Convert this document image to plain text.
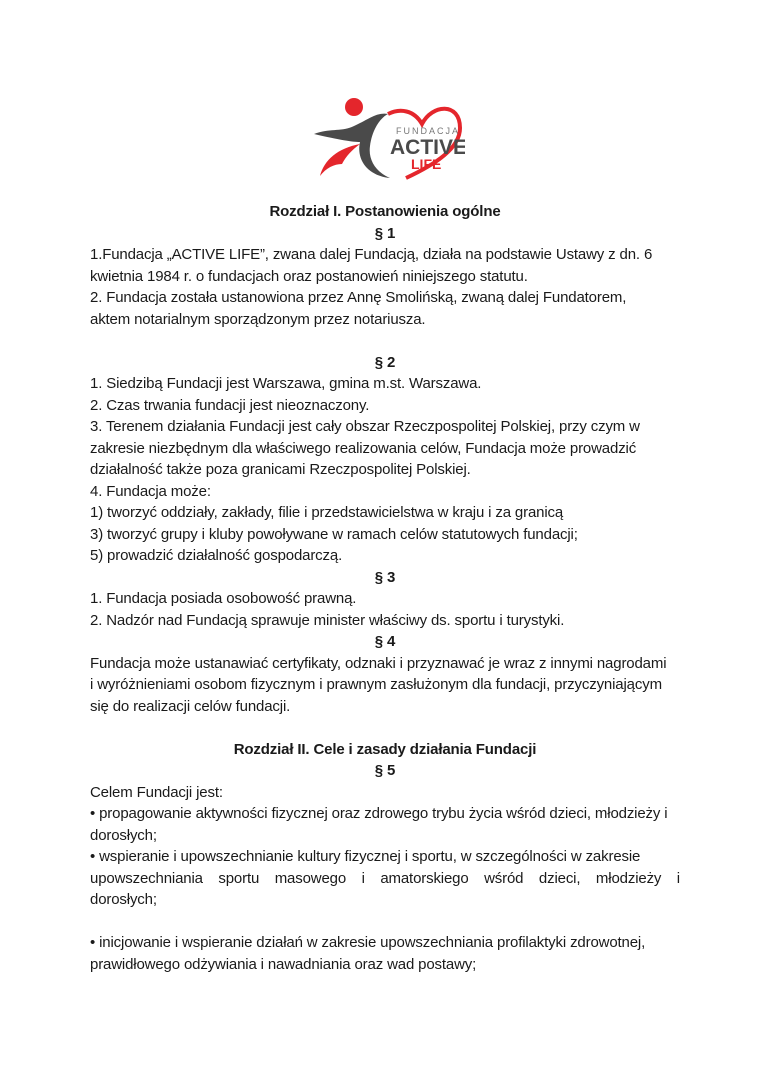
FUNDACJA
ACTIVE
LIFE
Rozdział I. Postanowienia ogólne
§ 1
1.Fundacja „ACTIVE LIFE”, zwana dalej Fundacją, działa na podstawie Ustawy z dn. 6
kwietnia 1984 r. o fundacjach oraz postanowień niniejszego statutu.
2. Fundacja została ustanowiona przez Annę Smolińską, zwaną dalej Fundatorem,
aktem notarialnym sporządzonym przez notariusza.
§ 2
1. Siedzibą Fundacji jest Warszawa, gmina m.st. Warszawa.
2. Czas trwania fundacji jest nieoznaczony.
3. Terenem działania Fundacji jest cały obszar Rzeczpospolitej Polskiej, przy czym w
zakresie niezbędnym dla właściwego realizowania celów, Fundacja może prowadzić
działalność także poza granicami Rzeczpospolitej Polskiej.
4. Fundacja może:
1) tworzyć oddziały, zakłady, filie i przedstawicielstwa w kraju i za granicą
3) tworzyć grupy i kluby powoływane w ramach celów statutowych fundacji;
5) prowadzić działalność gospodarczą.
§ 3
1. Fundacja posiada osobowość prawną.
2. Nadzór nad Fundacją sprawuje minister właściwy ds. sportu i turystyki.
§ 4
Fundacja może ustanawiać certyfikaty, odznaki i przyznawać je wraz z innymi nagrodami
i wyróżnieniami osobom fizycznym i prawnym zasłużonym dla fundacji, przyczyniającym
się do realizacji celów fundacji.
Rozdział II. Cele i zasady działania Fundacji
§ 5
Celem Fundacji jest:
• propagowanie aktywności fizycznej oraz zdrowego trybu życia wśród dzieci, młodzieży i
dorosłych;
• wspieranie i upowszechnianie kultury fizycznej i sportu, w szczególności w zakresie
upowszechniania sportu masowego i amatorskiego wśród dzieci, młodzieży i
dorosłych;
• inicjowanie i wspieranie działań w zakresie upowszechniania profilaktyki zdrowotnej,
prawidłowego odżywiania i nawadniania oraz wad postawy;
